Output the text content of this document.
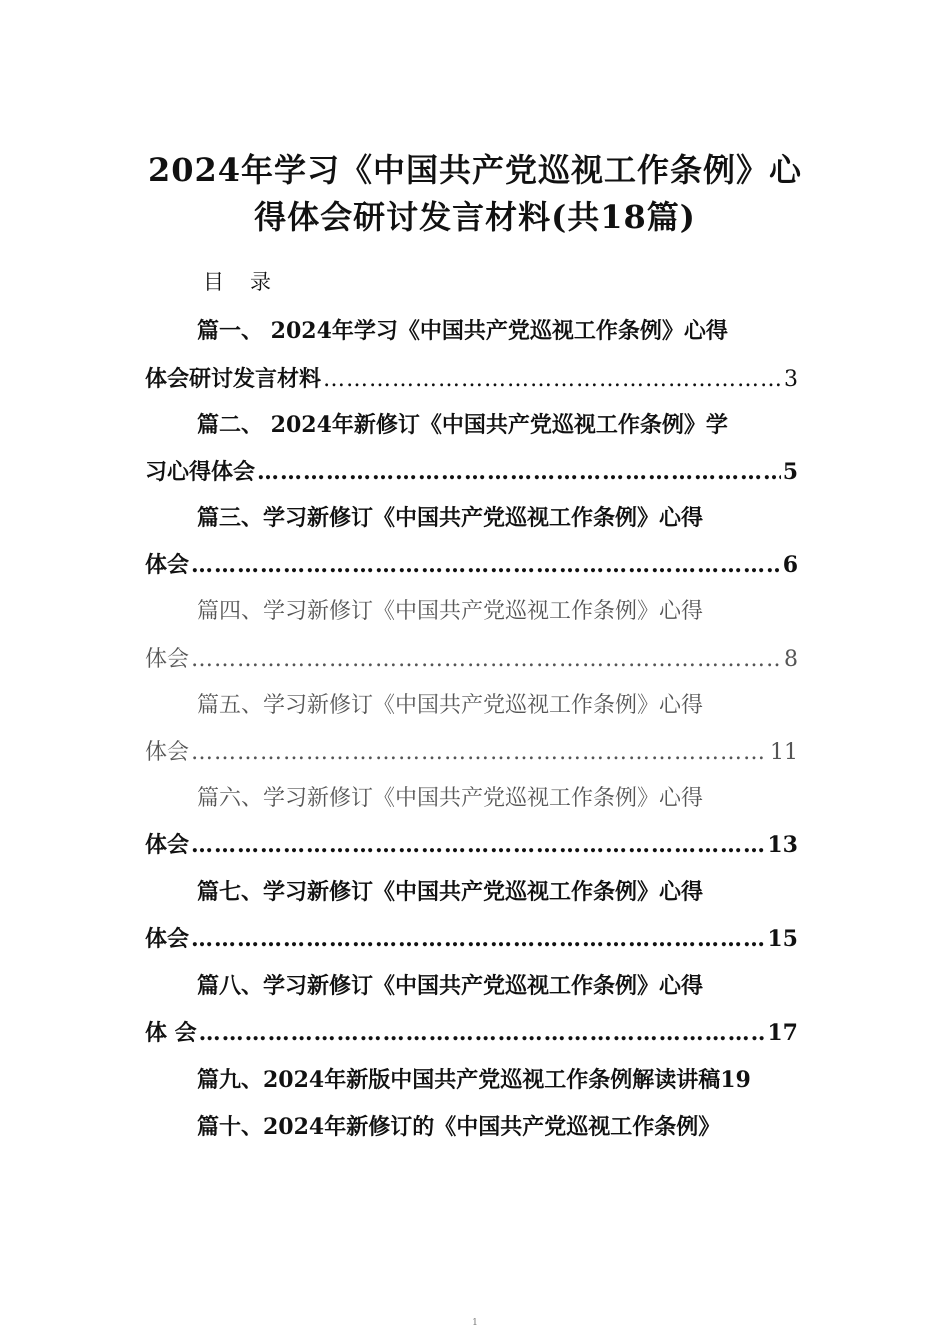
2024年学习《中国共产党巡视工作条例》心
得体会研讨发言材料(共18篇)
目录
篇一、 2024年学习《中国共产党巡视工作条例》心得
体会研讨发言材料 ……………………………………………………………………………………………………………………………………	3
篇二、 2024年新修订《中国共产党巡视工作条例》学
习心得体会 ……………………………………………………………………………………………………………………………………	5
篇三、学习新修订《中国共产党巡视工作条例》心得
体会 ……………………………………………………………………………………………………………………………………	6
篇四、学习新修订《中国共产党巡视工作条例》心得
体会 ……………………………………………………………………………………………………………………………………	8
篇五、学习新修订《中国共产党巡视工作条例》心得
体会 ……………………………………………………………………………………………………………………………………	11
篇六、学习新修订《中国共产党巡视工作条例》心得
体会 ……………………………………………………………………………………………………………………………………	13
篇七、学习新修订《中国共产党巡视工作条例》心得
体会 ……………………………………………………………………………………………………………………………………	15
篇八、学习新修订《中国共产党巡视工作条例》心得
体 会 ……………………………………………………………………………………………………………………………………	17
篇九、2024年新版中国共产党巡视工作条例解读讲稿19
篇十、2024年新修订的《中国共产党巡视工作条例》
1
